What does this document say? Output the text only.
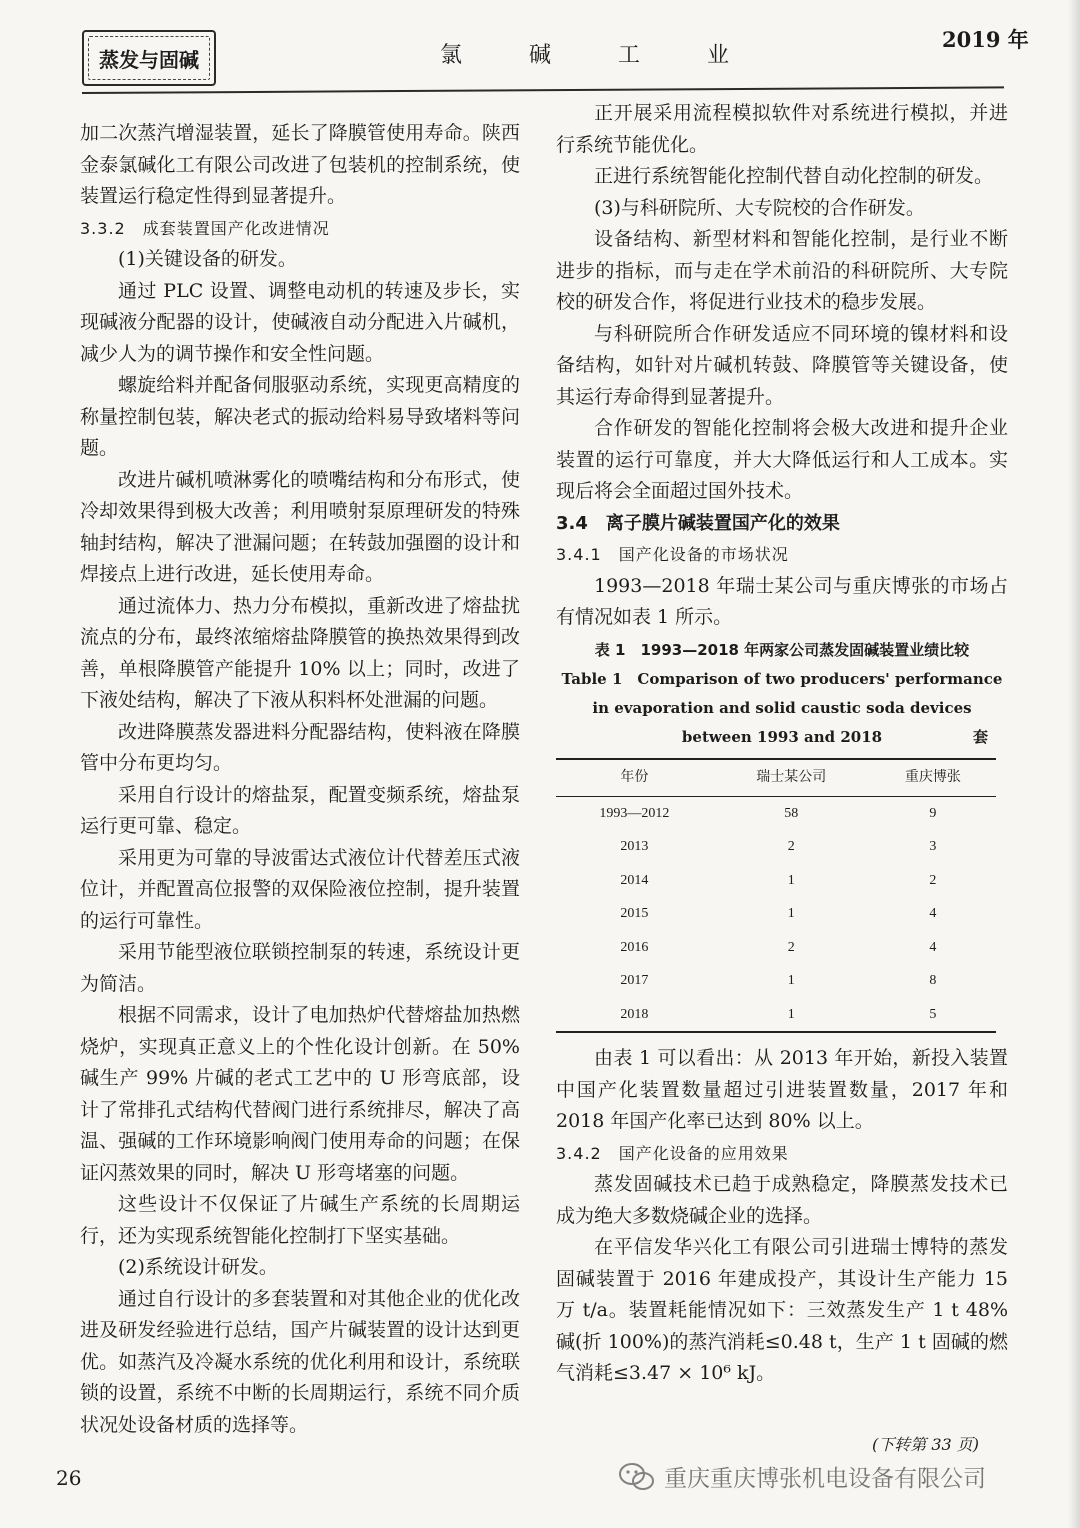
蒸发与固碱	氯 碱 工 业
2019 年

加二次蒸汽增湿装置，延长了降膜管使用寿命。陕西金泰氯碱化工有限公司改进了包装机的控制系统，使装置运行稳定性得到显著提升。

3.3.2　成套装置国产化改进情况

(1)关键设备的研发。

通过 PLC 设置、调整电动机的转速及步长，实现碱液分配器的设计，使碱液自动分配进入片碱机，减少人为的调节操作和安全性问题。

螺旋给料并配备伺服驱动系统，实现更高精度的称量控制包装，解决老式的振动给料易导致堵料等问题。

改进片碱机喷淋雾化的喷嘴结构和分布形式，使冷却效果得到极大改善；利用喷射泵原理研发的特殊轴封结构，解决了泄漏问题；在转鼓加强圈的设计和焊接点上进行改进，延长使用寿命。

通过流体力、热力分布模拟，重新改进了熔盐扰流点的分布，最终浓缩熔盐降膜管的换热效果得到改善，单根降膜管产能提升 10% 以上；同时，改进了下液处结构，解决了下液从积料杯处泄漏的问题。

改进降膜蒸发器进料分配器结构，使料液在降膜管中分布更均匀。

采用自行设计的熔盐泵，配置变频系统，熔盐泵运行更可靠、稳定。

采用更为可靠的导波雷达式液位计代替差压式液位计，并配置高位报警的双保险液位控制，提升装置的运行可靠性。

采用节能型液位联锁控制泵的转速，系统设计更为简洁。

根据不同需求，设计了电加热炉代替熔盐加热燃烧炉，实现真正意义上的个性化设计创新。在 50% 碱生产 99% 片碱的老式工艺中的 U 形弯底部，设计了常排孔式结构代替阀门进行系统排尽，解决了高温、强碱的工作环境影响阀门使用寿命的问题；在保证闪蒸效果的同时，解决 U 形弯堵塞的问题。

这些设计不仅保证了片碱生产系统的长周期运行，还为实现系统智能化控制打下坚实基础。

(2)系统设计研发。

通过自行设计的多套装置和对其他企业的优化改进及研发经验进行总结，国产片碱装置的设计达到更优。如蒸汽及冷凝水系统的优化利用和设计，系统联锁的设置，系统不中断的长周期运行，系统不同介质状况处设备材质的选择等。

正开展采用流程模拟软件对系统进行模拟，并进行系统节能优化。

正进行系统智能化控制代替自动化控制的研发。

(3)与科研院所、大专院校的合作研发。

设备结构、新型材料和智能化控制，是行业不断进步的指标，而与走在学术前沿的科研院所、大专院校的研发合作，将促进行业技术的稳步发展。

与科研院所合作研发适应不同环境的镍材料和设备结构，如针对片碱机转鼓、降膜管等关键设备，使其运行寿命得到显著提升。

合作研发的智能化控制将会极大改进和提升企业装置的运行可靠度，并大大降低运行和人工成本。实现后将会全面超过国外技术。

3.4　离子膜片碱装置国产化的效果

3.4.1　国产化设备的市场状况

1993—2018 年瑞士某公司与重庆博张的市场占有情况如表 1 所示。

表 1　1993—2018 年两家公司蒸发固碱装置业绩比较
Table 1　Comparison of two producers' performance
in evaporation and solid caustic soda devices
between 1993 and 2018	套
年份	瑞士某公司	重庆博张
1993—2012	58	9
2013	2	3
2014	1	2
2015	1	4
2016	2	4
2017	1	8
2018	1	5

由表 1 可以看出：从 2013 年开始，新投入装置中国产化装置数量超过引进装置数量，2017 年和 2018 年国产化率已达到 80% 以上。

3.4.2　国产化设备的应用效果

蒸发固碱技术已趋于成熟稳定，降膜蒸发技术已成为绝大多数烧碱企业的选择。

在平信发华兴化工有限公司引进瑞士博特的蒸发固碱装置于 2016 年建成投产，其设计生产能力 15 万 t/a。装置耗能情况如下：三效蒸发生产 1 t 48% 碱(折 100%)的蒸汽消耗≤0.48 t，生产 1 t 固碱的燃气消耗≤3.47 × 10⁶ kJ。

(下转第 33 页)
26	重庆重庆博张机电设备有限公司
